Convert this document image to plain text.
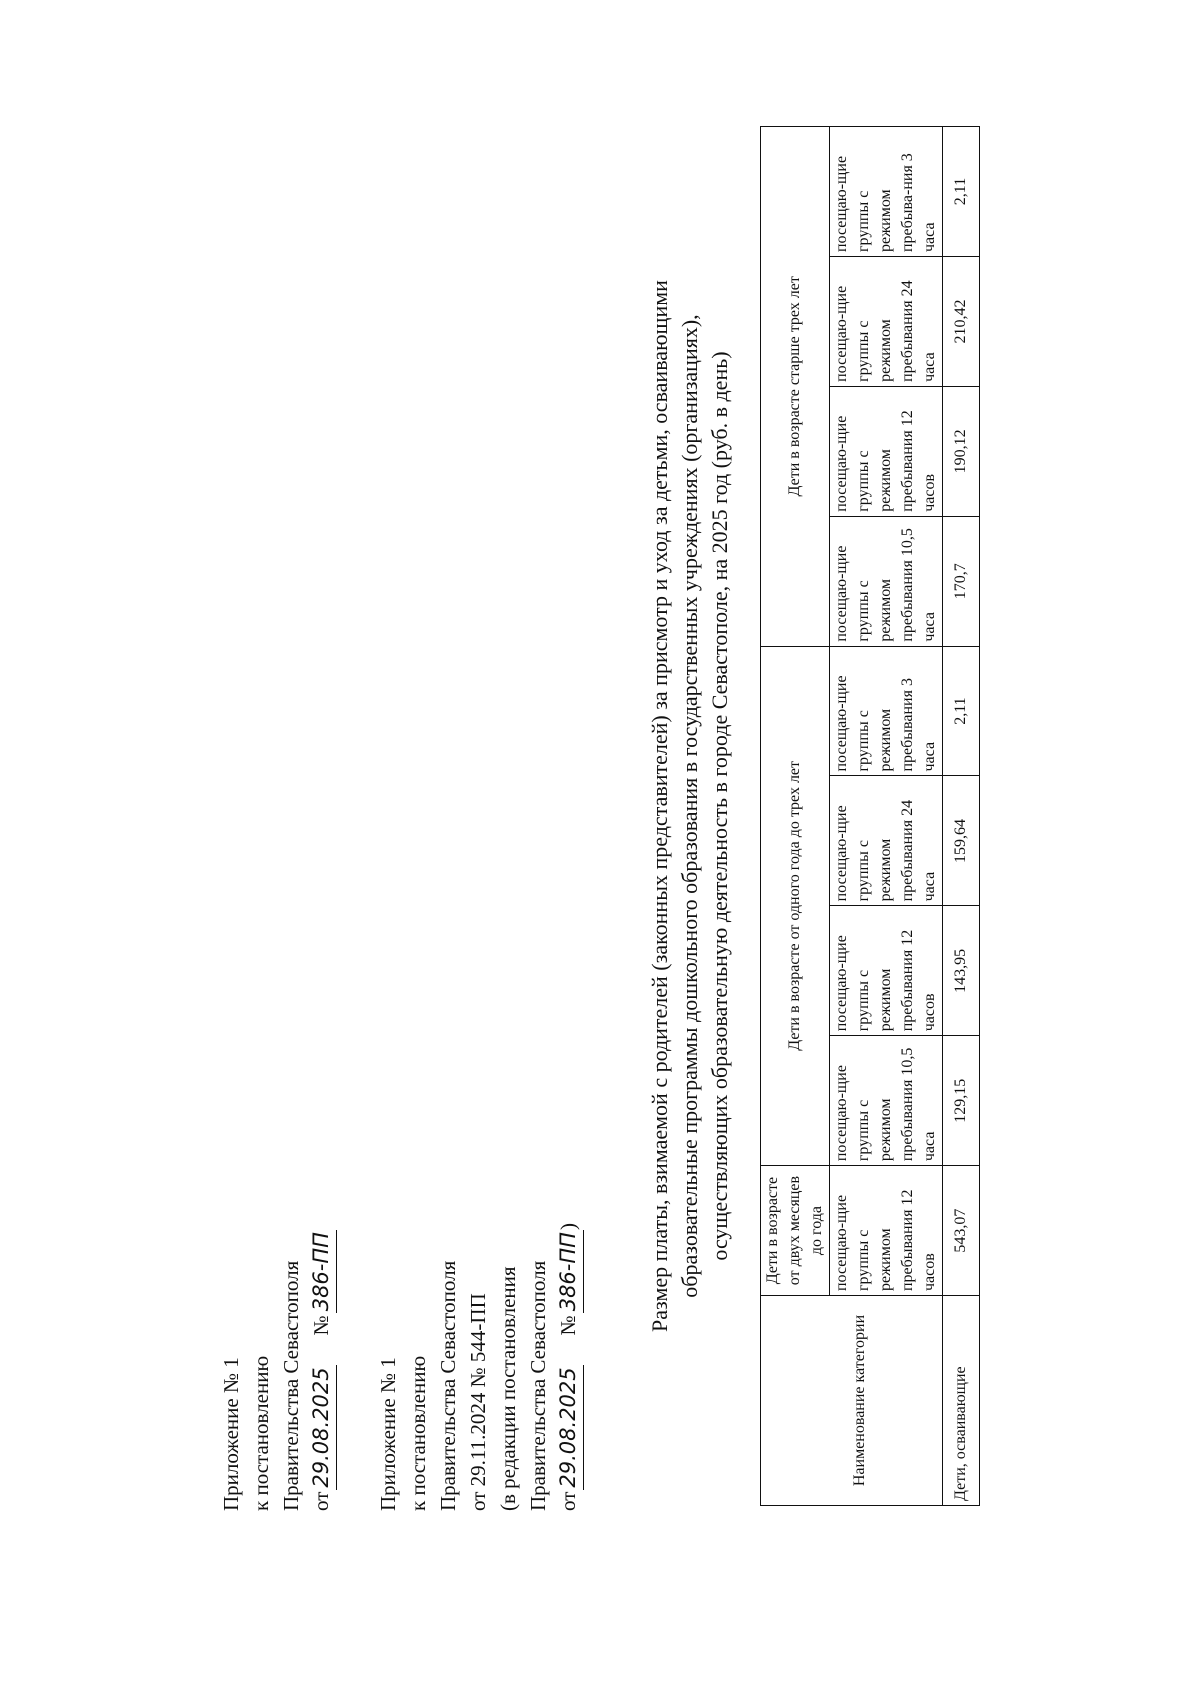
Приложение № 1 к постановлению Правительства Севастополя от29.08.2025№386-ПП
Приложение № 1 к постановлению Правительства Севастополя от 29.11.2024 № 544-ПП (в редакции постановления Правительства Севастополя от29.08.2025№386-ПП)	Размер платы, взимаемой с родителей (законных представителей) за присмотр и уход за детьми, осваивающими образовательные программы дошкольного образования в государственных учреждениях (организациях), осуществляющих образовательную деятельность в городе Севастополе, на 2025 год (руб. в день)
Наименование категории	Дети в возрасте от двух месяцев до года	Дети в возрасте от одного года до трех лет				Дети в возрасте старше трех лет			
	посещаю-щие группы с режимом пребывания 12 часов	посещаю-щие группы с режимом пребывания 10,5 часа	посещаю-щие группы с режимом пребывания 12 часов	посещаю-щие группы с режимом пребывания 24 часа	посещаю-щие группы с режимом пребывания 3 часа	посещаю-щие группы с режимом пребывания 10,5 часа	посещаю-щие группы с режимом пребывания 12 часов	посещаю-щие группы с режимом пребывания 24 часа	посещаю-щие группы с режимом пребыва-ния 3 часа
Дети, осваивающие	543,07	129,15	143,95	159,64	2,11	170,7	190,12	210,42	2,11
